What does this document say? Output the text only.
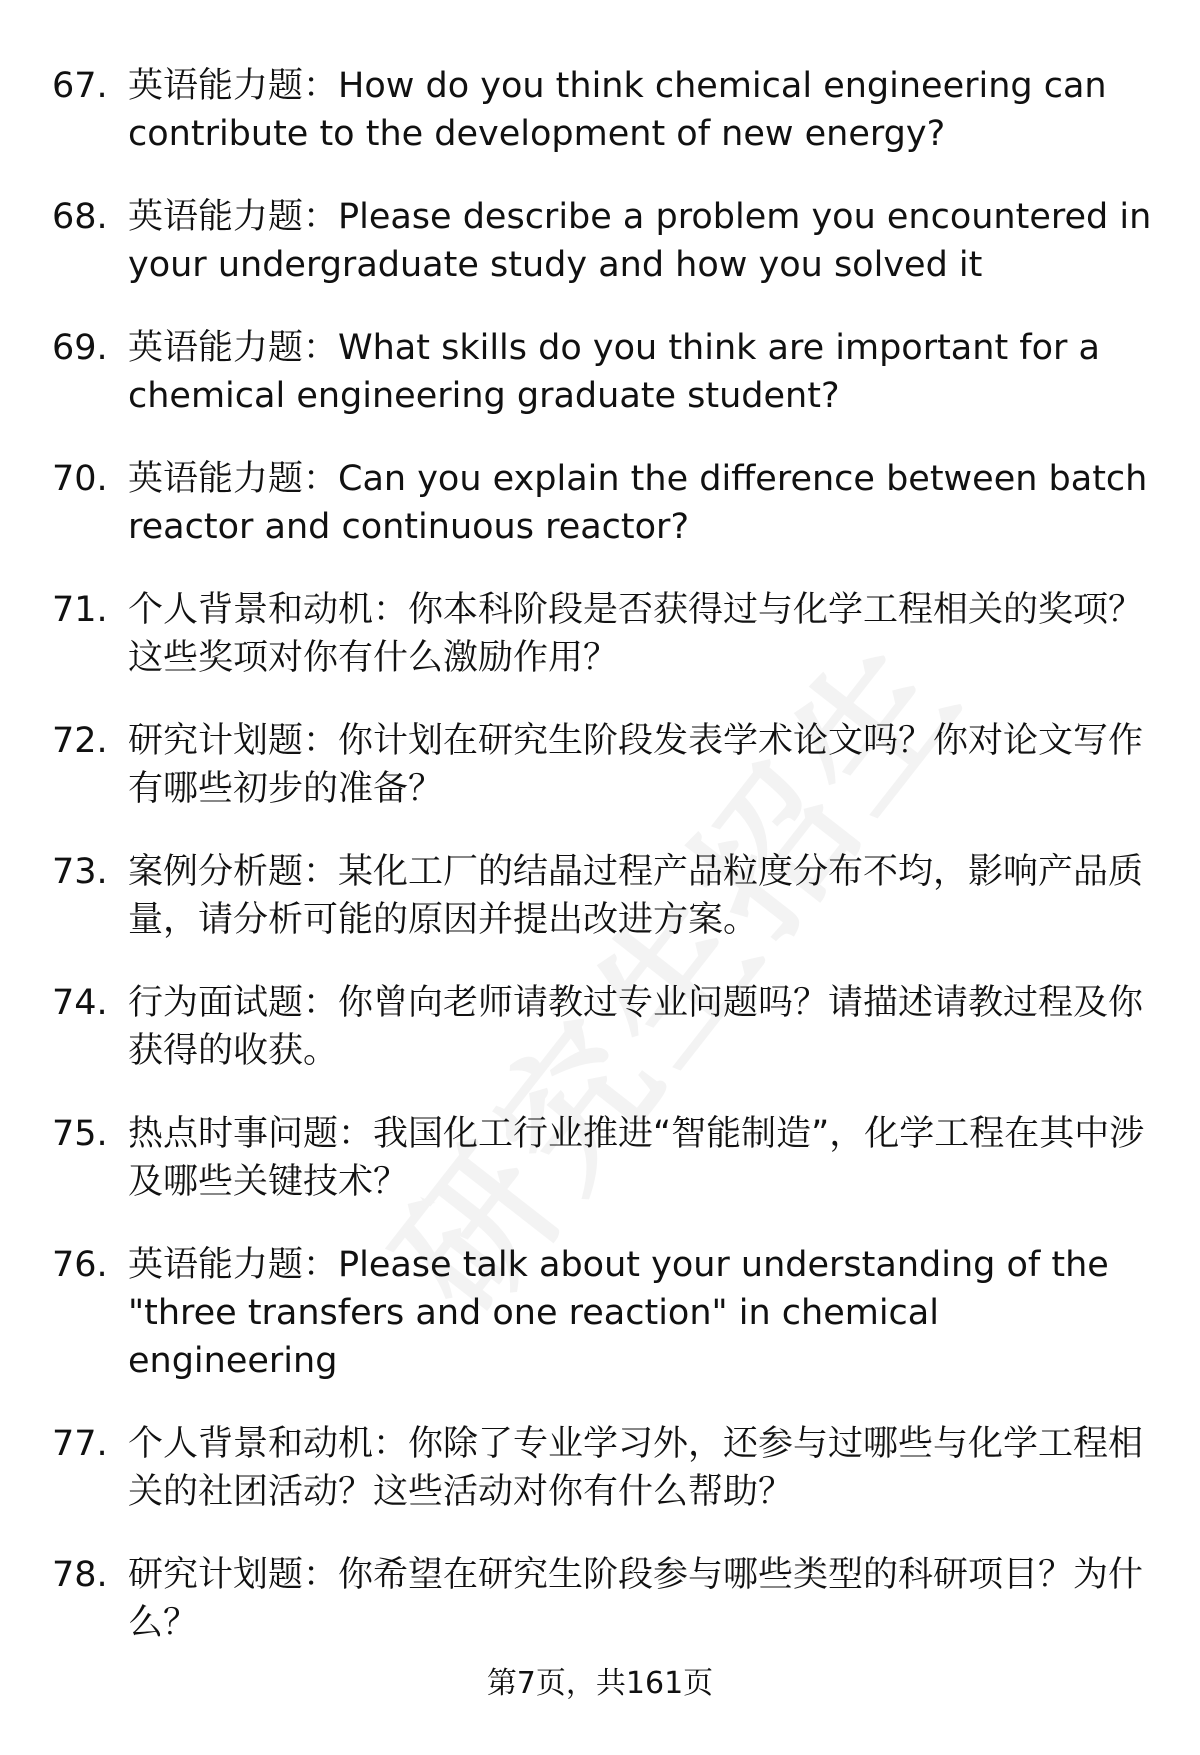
67. 英语能力题：How do you think chemical engineering can contribute to the development of new energy?
68. 英语能力题：Please describe a problem you encountered in your undergraduate study and how you solved it
69. 英语能力题：What skills do you think are important for a chemical engineering graduate student?
70. 英语能力题：Can you explain the difference between batch reactor and continuous reactor?
71. 个人背景和动机：你本科阶段是否获得过与化学工程相关的奖项？这些奖项对你有什么激励作用？
72. 研究计划题：你计划在研究生阶段发表学术论文吗？你对论文写作有哪些初步的准备？
73. 案例分析题：某化工厂的结晶过程产品粒度分布不均，影响产品质量，请分析可能的原因并提出改进方案。
74. 行为面试题：你曾向老师请教过专业问题吗？请描述请教过程及你获得的收获。
75. 热点时事问题：我国化工行业推进“智能制造”，化学工程在其中涉及哪些关键技术？
76. 英语能力题：Please talk about your understanding of the "three transfers and one reaction" in chemical engineering
77. 个人背景和动机：你除了专业学习外，还参与过哪些与化学工程相关的社团活动？这些活动对你有什么帮助？
78. 研究计划题：你希望在研究生阶段参与哪些类型的科研项目？为什么？
第7页，共161页
